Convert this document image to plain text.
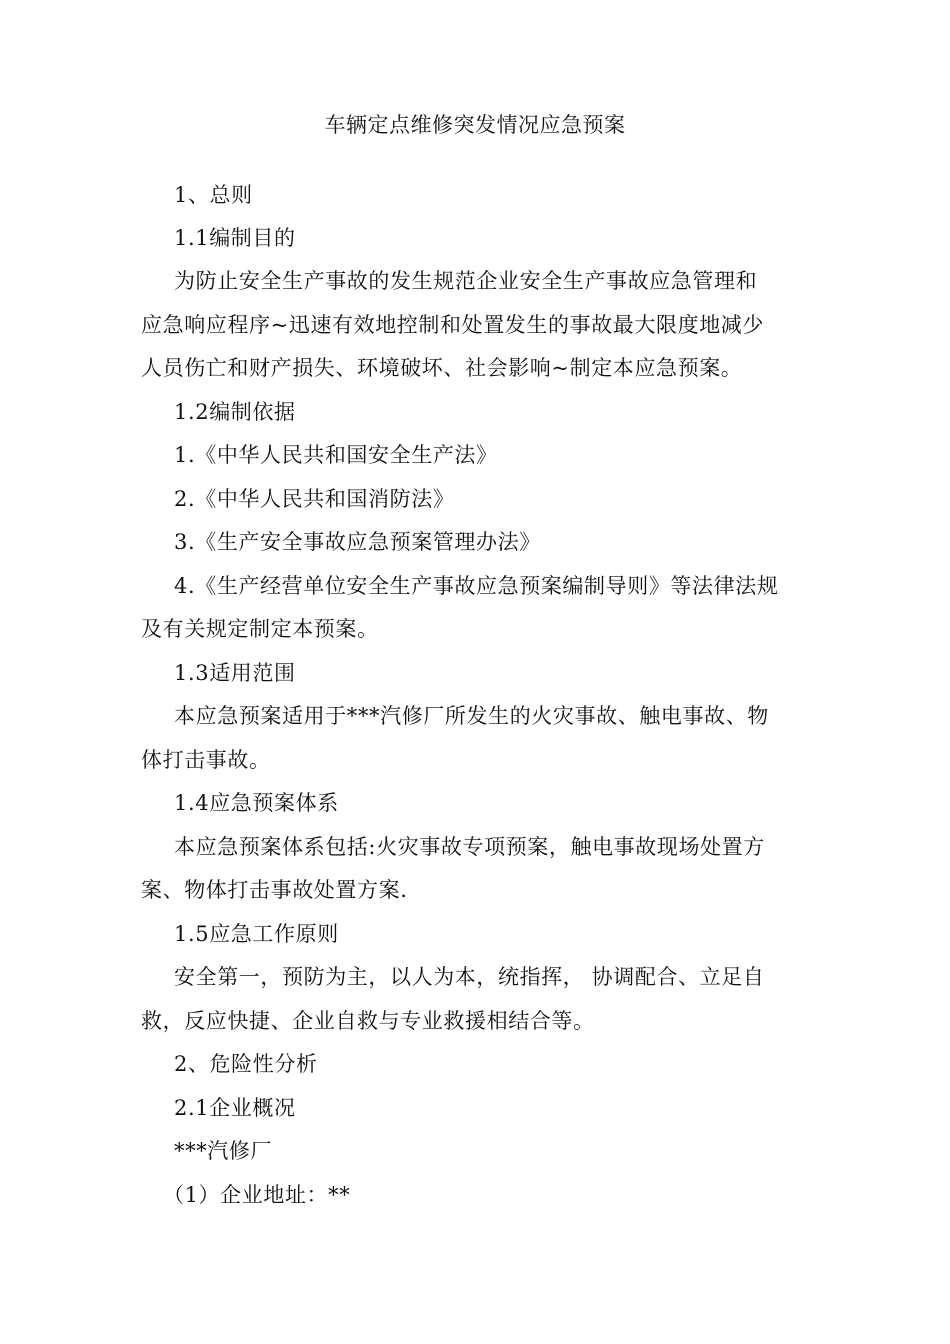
车辆定点维修突发情况应急预案
1、总则
1.1编制目的
为防止安全生产事故的发生规范企业安全生产事故应急管理和
应急响应程序~迅速有效地控制和处置发生的事故最大限度地减少
人员伤亡和财产损失、环境破坏、社会影响~制定本应急预案。
1.2编制依据
1.《中华人民共和国安全生产法》
2.《中华人民共和国消防法》
3.《生产安全事故应急预案管理办法》
4.《生产经营单位安全生产事故应急预案编制导则》等法律法规
及有关规定制定本预案。
1.3适用范围
本应急预案适用于***汽修厂所发生的火灾事故、触电事故、物
体打击事故。
1.4应急预案体系
本应急预案体系包括:火灾事故专项预案，触电事故现场处置方
案、物体打击事故处置方案.
1.5应急工作原则
安全第一，预防为主，以人为本，统指挥， 协调配合、立足自
救，反应快捷、企业自救与专业救援相结合等。
2、危险性分析
2.1企业概况
***汽修厂
（1）企业地址：**
